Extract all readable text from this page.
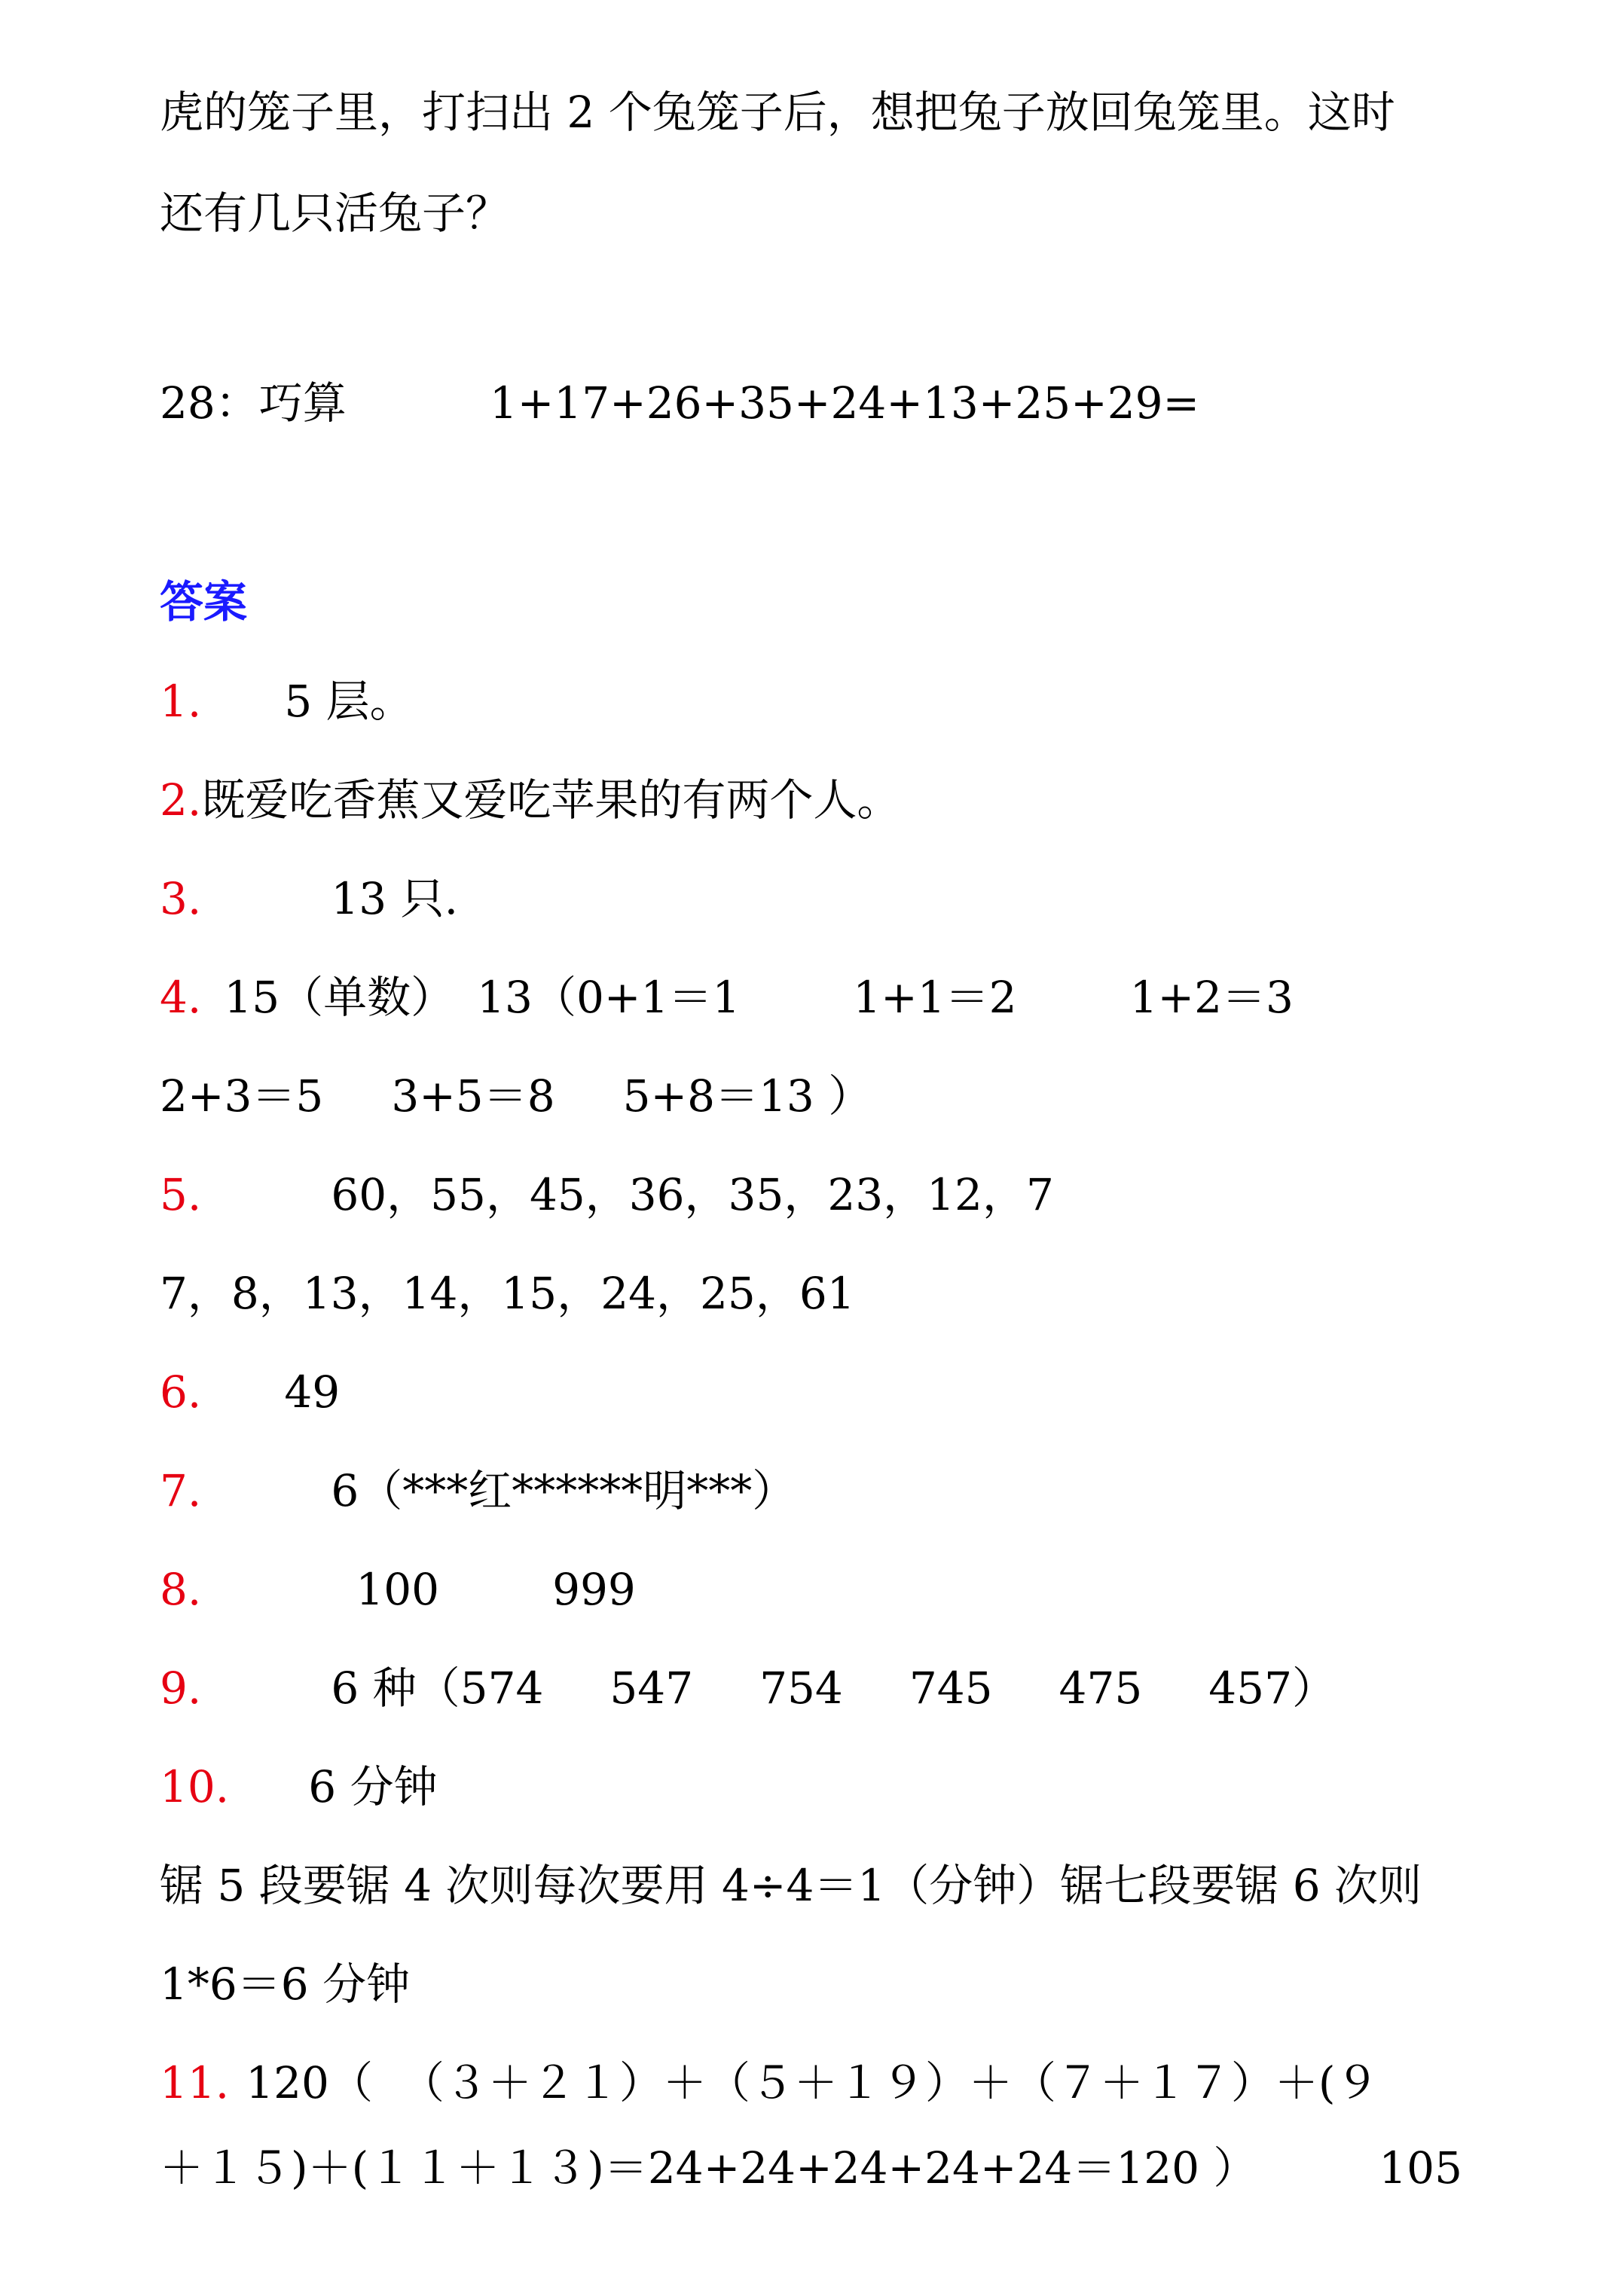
虎的笼子里，打扫出 2 个兔笼子后，想把兔子放回兔笼里。这时
还有几只活兔子？
28：巧算	1+17+26+35+24+13+25+29=
答案
1. 5 层。
2.既爱吃香蕉又爱吃苹果的有两个人。
3.	13 只.
4. 15（单数） 13（0+1＝1	1+1＝2	1+2＝3
2+3＝5 3+5＝8 5+8＝13 ）
5.	60，55，45，36，35，23，12，7
7，8，13，14，15，24，25，61
6. 49
7.	6（***红******明***）
8.	100	999
9.	6 种（574 547 754 745 475 457）
10. 6 分钟
锯 5 段要锯 4 次则每次要用 4÷4＝1（分钟）锯七段要锯 6 次则
1*6＝6 分钟
11. 120（  （３＋２１）＋（５＋１９）＋（７＋１７）＋(９
＋１５)＋(１１＋１３)＝24+24+24+24+24＝120 ）	105
